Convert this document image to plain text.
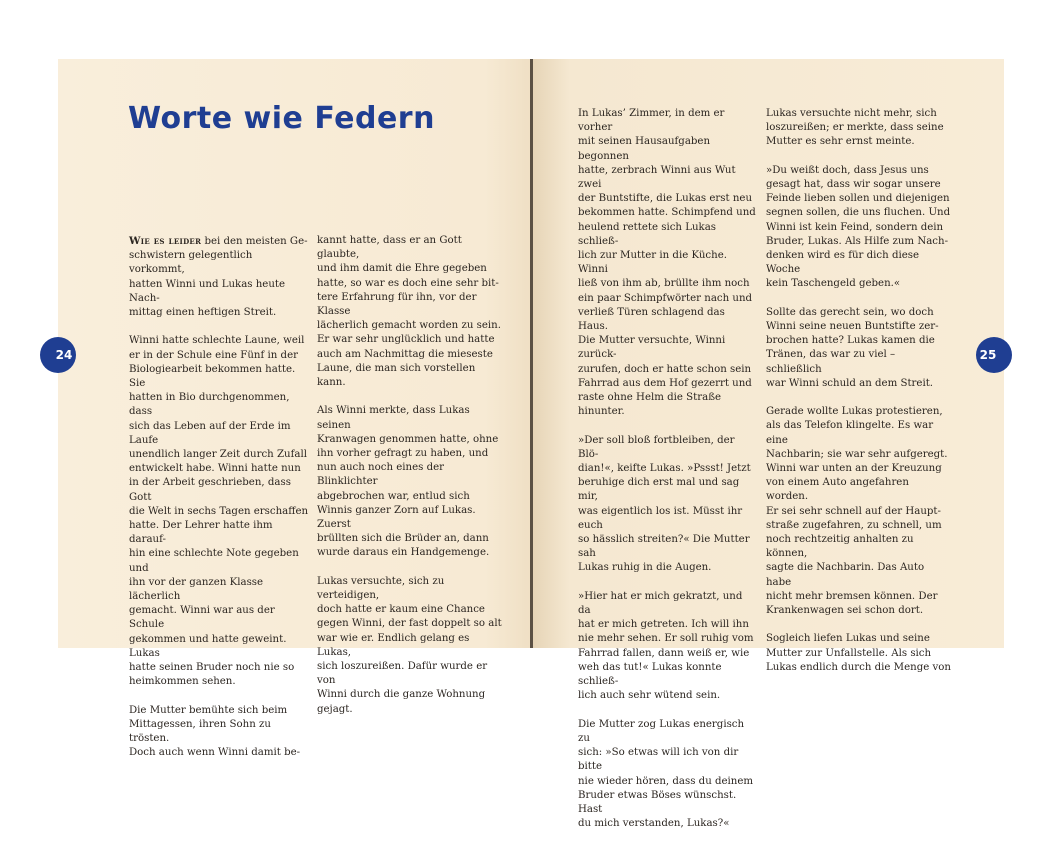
Worte wie Federn

Wie es leider bei den meisten Ge-
schwistern gelegentlich vorkommt,
hatten Winni und Lukas heute Nach-
mittag einen heftigen Streit.

Winni hatte schlechte Laune, weil
er in der Schule eine Fünf in der
Biologiearbeit bekommen hatte. Sie
hatten in Bio durchgenommen, dass
sich das Leben auf der Erde im Laufe
unendlich langer Zeit durch Zufall
entwickelt habe. Winni hatte nun
in der Arbeit geschrieben, dass Gott
die Welt in sechs Tagen erschaffen
hatte. Der Lehrer hatte ihm darauf-
hin eine schlechte Note gegeben und
ihn vor der ganzen Klasse lächerlich
gemacht. Winni war aus der Schule
gekommen und hatte geweint. Lukas
hatte seinen Bruder noch nie so
heimkommen sehen.

Die Mutter bemühte sich beim
Mittagessen, ihren Sohn zu trösten.
Doch auch wenn Winni damit be-

kannt hatte, dass er an Gott glaubte,
und ihm damit die Ehre gegeben
hatte, so war es doch eine sehr bit-
tere Erfahrung für ihn, vor der Klasse
lächerlich gemacht worden zu sein.
Er war sehr unglücklich und hatte
auch am Nachmittag die mieseste
Laune, die man sich vorstellen kann.

Als Winni merkte, dass Lukas seinen
Kranwagen genommen hatte, ohne
ihn vorher gefragt zu haben, und
nun auch noch eines der Blinklichter
abgebrochen war, entlud sich
Winnis ganzer Zorn auf Lukas. Zuerst
brüllten sich die Brüder an, dann
wurde daraus ein Handgemenge.

Lukas versuchte, sich zu verteidigen,
doch hatte er kaum eine Chance
gegen Winni, der fast doppelt so alt
war wie er. Endlich gelang es Lukas,
sich loszureißen. Dafür wurde er von
Winni durch die ganze Wohnung
gejagt.

In Lukas’ Zimmer, in dem er vorher
mit seinen Hausaufgaben begonnen
hatte, zerbrach Winni aus Wut zwei
der Buntstifte, die Lukas erst neu
bekommen hatte. Schimpfend und
heulend rettete sich Lukas schließ-
lich zur Mutter in die Küche. Winni
ließ von ihm ab, brüllte ihm noch
ein paar Schimpfwörter nach und
verließ Türen schlagend das Haus.
Die Mutter versuchte, Winni zurück-
zurufen, doch er hatte schon sein
Fahrrad aus dem Hof gezerrt und
raste ohne Helm die Straße hinunter.

»Der soll bloß fortbleiben, der Blö-
dian!«, keifte Lukas. »Pssst! Jetzt
beruhige dich erst mal und sag mir,
was eigentlich los ist. Müsst ihr euch
so hässlich streiten?« Die Mutter sah
Lukas ruhig in die Augen.

»Hier hat er mich gekratzt, und da
hat er mich getreten. Ich will ihn
nie mehr sehen. Er soll ruhig vom
Fahrrad fallen, dann weiß er, wie
weh das tut!« Lukas konnte schließ-
lich auch sehr wütend sein.

Die Mutter zog Lukas energisch zu
sich: »So etwas will ich von dir bitte
nie wieder hören, dass du deinem
Bruder etwas Böses wünschst. Hast
du mich verstanden, Lukas?«

Lukas versuchte nicht mehr, sich
loszureißen; er merkte, dass seine
Mutter es sehr ernst meinte.

»Du weißt doch, dass Jesus uns
gesagt hat, dass wir sogar unsere
Feinde lieben sollen und diejenigen
segnen sollen, die uns fluchen. Und
Winni ist kein Feind, sondern dein
Bruder, Lukas. Als Hilfe zum Nach-
denken wird es für dich diese Woche
kein Taschengeld geben.«

Sollte das gerecht sein, wo doch
Winni seine neuen Buntstifte zer-
brochen hatte? Lukas kamen die
Tränen, das war zu viel – schließlich
war Winni schuld an dem Streit.

Gerade wollte Lukas protestieren,
als das Telefon klingelte. Es war eine
Nachbarin; sie war sehr aufgeregt.
Winni war unten an der Kreuzung
von einem Auto angefahren worden.
Er sei sehr schnell auf der Haupt-
straße zugefahren, zu schnell, um
noch rechtzeitig anhalten zu können,
sagte die Nachbarin. Das Auto habe
nicht mehr bremsen können. Der
Krankenwagen sei schon dort.

Sogleich liefen Lukas und seine
Mutter zur Unfallstelle. Als sich
Lukas endlich durch die Menge von

24	25
